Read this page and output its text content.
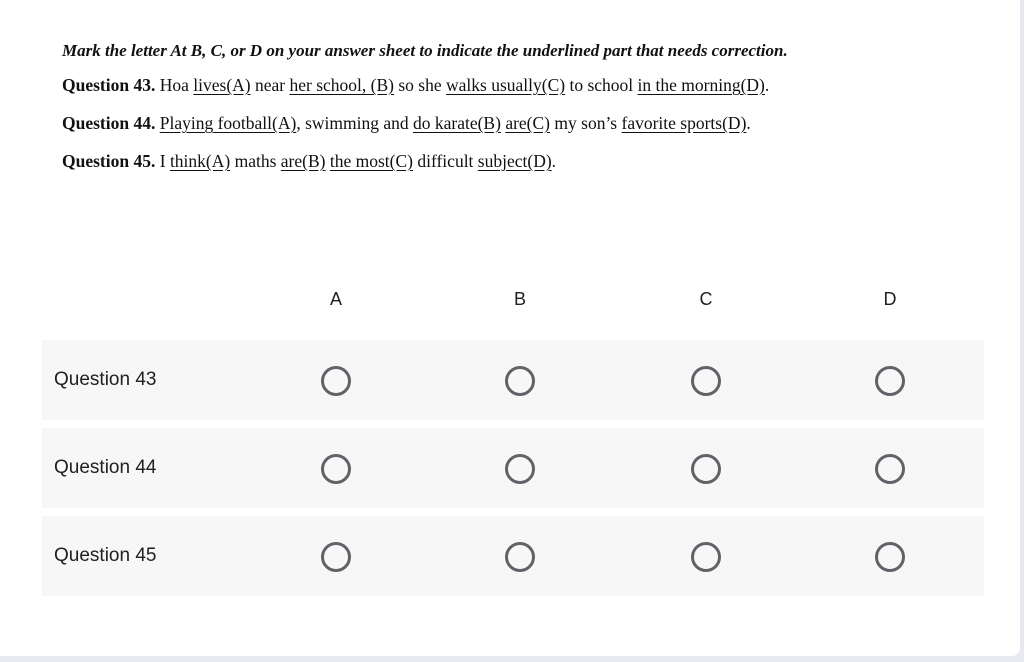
Mark the letter At B, C, or D on your answer sheet to indicate the underlined part that needs correction.

Question 43. Hoa lives(A) near her school, (B) so she walks usually(C) to school in the morning(D).

Question 44. Playing football(A), swimming and do karate(B) are(C) my son’s favorite sports(D).

Question 45. I think(A) maths are(B) the most(C) difficult subject(D).

A	B	C	D
Question 43
Question 44
Question 45
